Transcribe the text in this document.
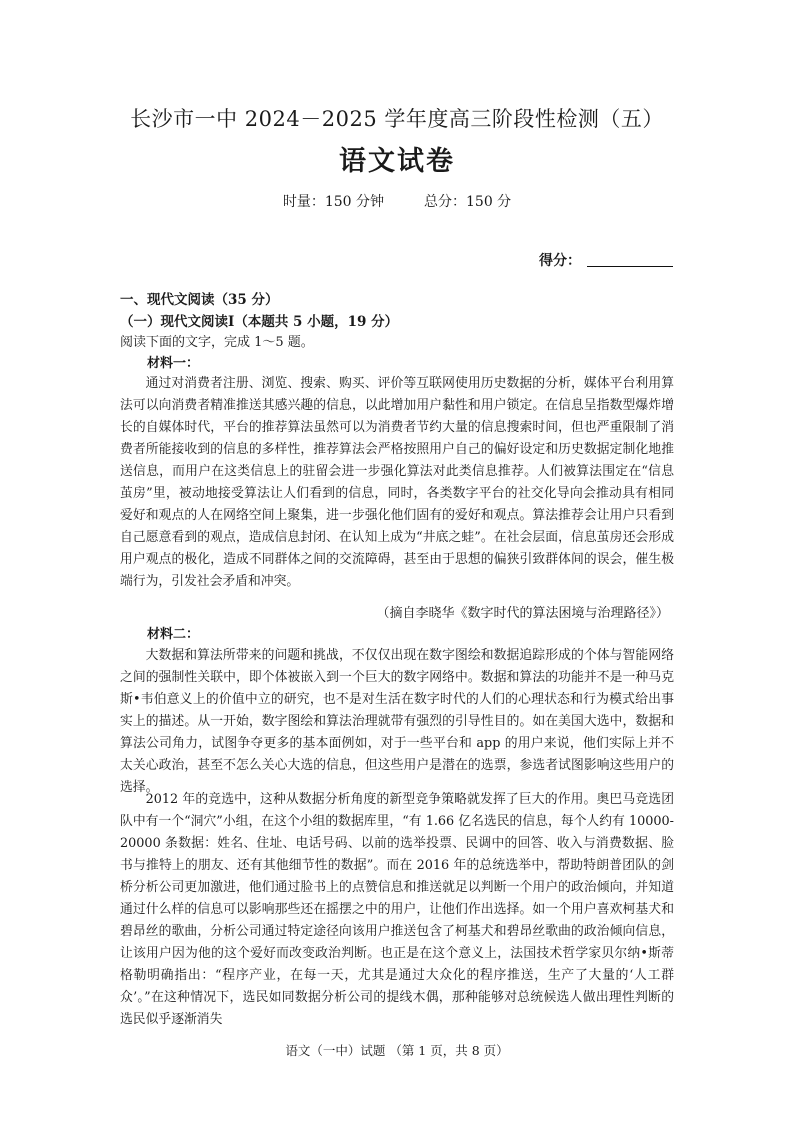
长沙市一中 2024－2025 学年度高三阶段性检测（五）
语文试卷
时量：150 分钟	总分：150 分
得分：
一、现代文阅读（35 分）
（一）现代文阅读Ⅰ（本题共 5 小题，19 分）
阅读下面的文字，完成 1～5 题。
材料一：

通过对消费者注册、浏览、搜索、购买、评价等互联网使用历史数据的分析，媒体平台利用算法可以向消费者精准推送其感兴趣的信息，以此增加用户黏性和用户锁定。在信息呈指数型爆炸增长的自媒体时代，平台的推荐算法虽然可以为消费者节约大量的信息搜索时间，但也严重限制了消费者所能接收到的信息的多样性，推荐算法会严格按照用户自己的偏好设定和历史数据定制化地推送信息，而用户在这类信息上的驻留会进一步强化算法对此类信息推荐。人们被算法围定在“信息茧房”里，被动地接受算法让人们看到的信息，同时，各类数字平台的社交化导向会推动具有相同爱好和观点的人在网络空间上聚集，进一步强化他们固有的爱好和观点。算法推荐会让用户只看到自己愿意看到的观点，造成信息封闭、在认知上成为“井底之蛙”。在社会层面，信息茧房还会形成用户观点的极化，造成不同群体之间的交流障碍，甚至由于思想的偏狭引致群体间的误会，催生极端行为，引发社会矛盾和冲突。

（摘自李晓华《数字时代的算法困境与治理路径》）
材料二：

大数据和算法所带来的问题和挑战，不仅仅出现在数字图绘和数据追踪形成的个体与智能网络之间的强制性关联中，即个体被嵌入到一个巨大的数字网络中。数据和算法的功能并不是一种马克斯•韦伯意义上的价值中立的研究，也不是对生活在数字时代的人们的心理状态和行为模式给出事实上的描述。从一开始，数字图绘和算法治理就带有强烈的引导性目的。如在美国大选中，数据和算法公司角力，试图争夺更多的基本面例如，对于一些平台和 app 的用户来说，他们实际上并不太关心政治，甚至不怎么关心大选的信息，但这些用户是潜在的选票，参选者试图影响这些用户的选择。

2012 年的竞选中，这种从数据分析角度的新型竞争策略就发挥了巨大的作用。奥巴马竞选团队中有一个“洞穴”小组，在这个小组的数据库里，“有 1.66 亿名选民的信息，每个人约有 10000-20000 条数据：姓名、住址、电话号码、以前的选举投票、民调中的回答、收入与消费数据、脸书与推特上的朋友、还有其他细节性的数据”。而在 2016 年的总统选举中，帮助特朗普团队的剑桥分析公司更加激进，他们通过脸书上的点赞信息和推送就足以判断一个用户的政治倾向，并知道通过什么样的信息可以影响那些还在摇摆之中的用户，让他们作出选择。如一个用户喜欢柯基犬和碧昂丝的歌曲，分析公司通过特定途径向该用户推送包含了柯基犬和碧昂丝歌曲的政治倾向信息，让该用户因为他的这个爱好而改变政治判断。也正是在这个意义上，法国技术哲学家贝尔纳•斯蒂格勒明确指出：“程序产业，在每一天，尤其是通过大众化的程序推送，生产了大量的‘人工群众’。”在这种情况下，选民如同数据分析公司的提线木偶，那种能够对总统候选人做出理性判断的选民似乎逐渐消失

语文（一中）试题 （第 1 页，共 8 页）
